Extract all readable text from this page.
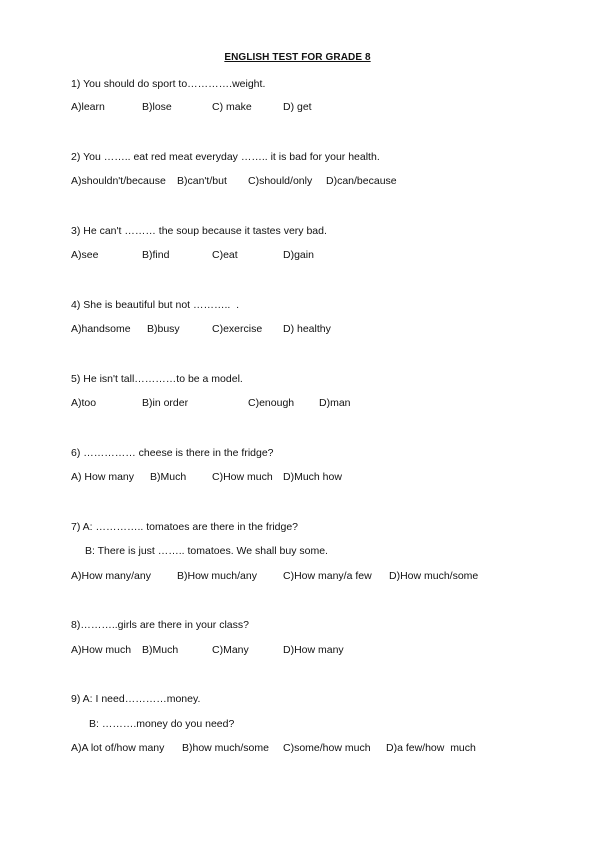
ENGLISH TEST FOR GRADE 8
1) You should do sport to………….weight.
A)learn	B)lose	C) make	D) get
2) You …….. eat red meat everyday …….. it is bad for your health.
A)shouldn't/because B)can't/but C)should/only D)can/because
3) He can't ……… the soup because it tastes very bad.
A)see	B)find	C)eat	D)gain
4) She is beautiful but not ………..  .
A)handsome B)busy	C)exercise D) healthy
5) He isn't tall…………to be a model.
A)too	B)in order	C)enough D)man
6) …………… cheese is there in the fridge?
A) How many B)Much C)How much D)Much how
7) A: ………….. tomatoes are there in the fridge?
B: There is just …….. tomatoes. We shall buy some.
A)How many/any B)How much/any C)How many/a few D)How much/some
8)………..girls are there in your class?
A)How much B)Much	C)Many	D)How many
9) A: I need…………money.
B: ……….money do you need?
A)A lot of/how many B)how much/some C)some/how much D)a few/how  much
